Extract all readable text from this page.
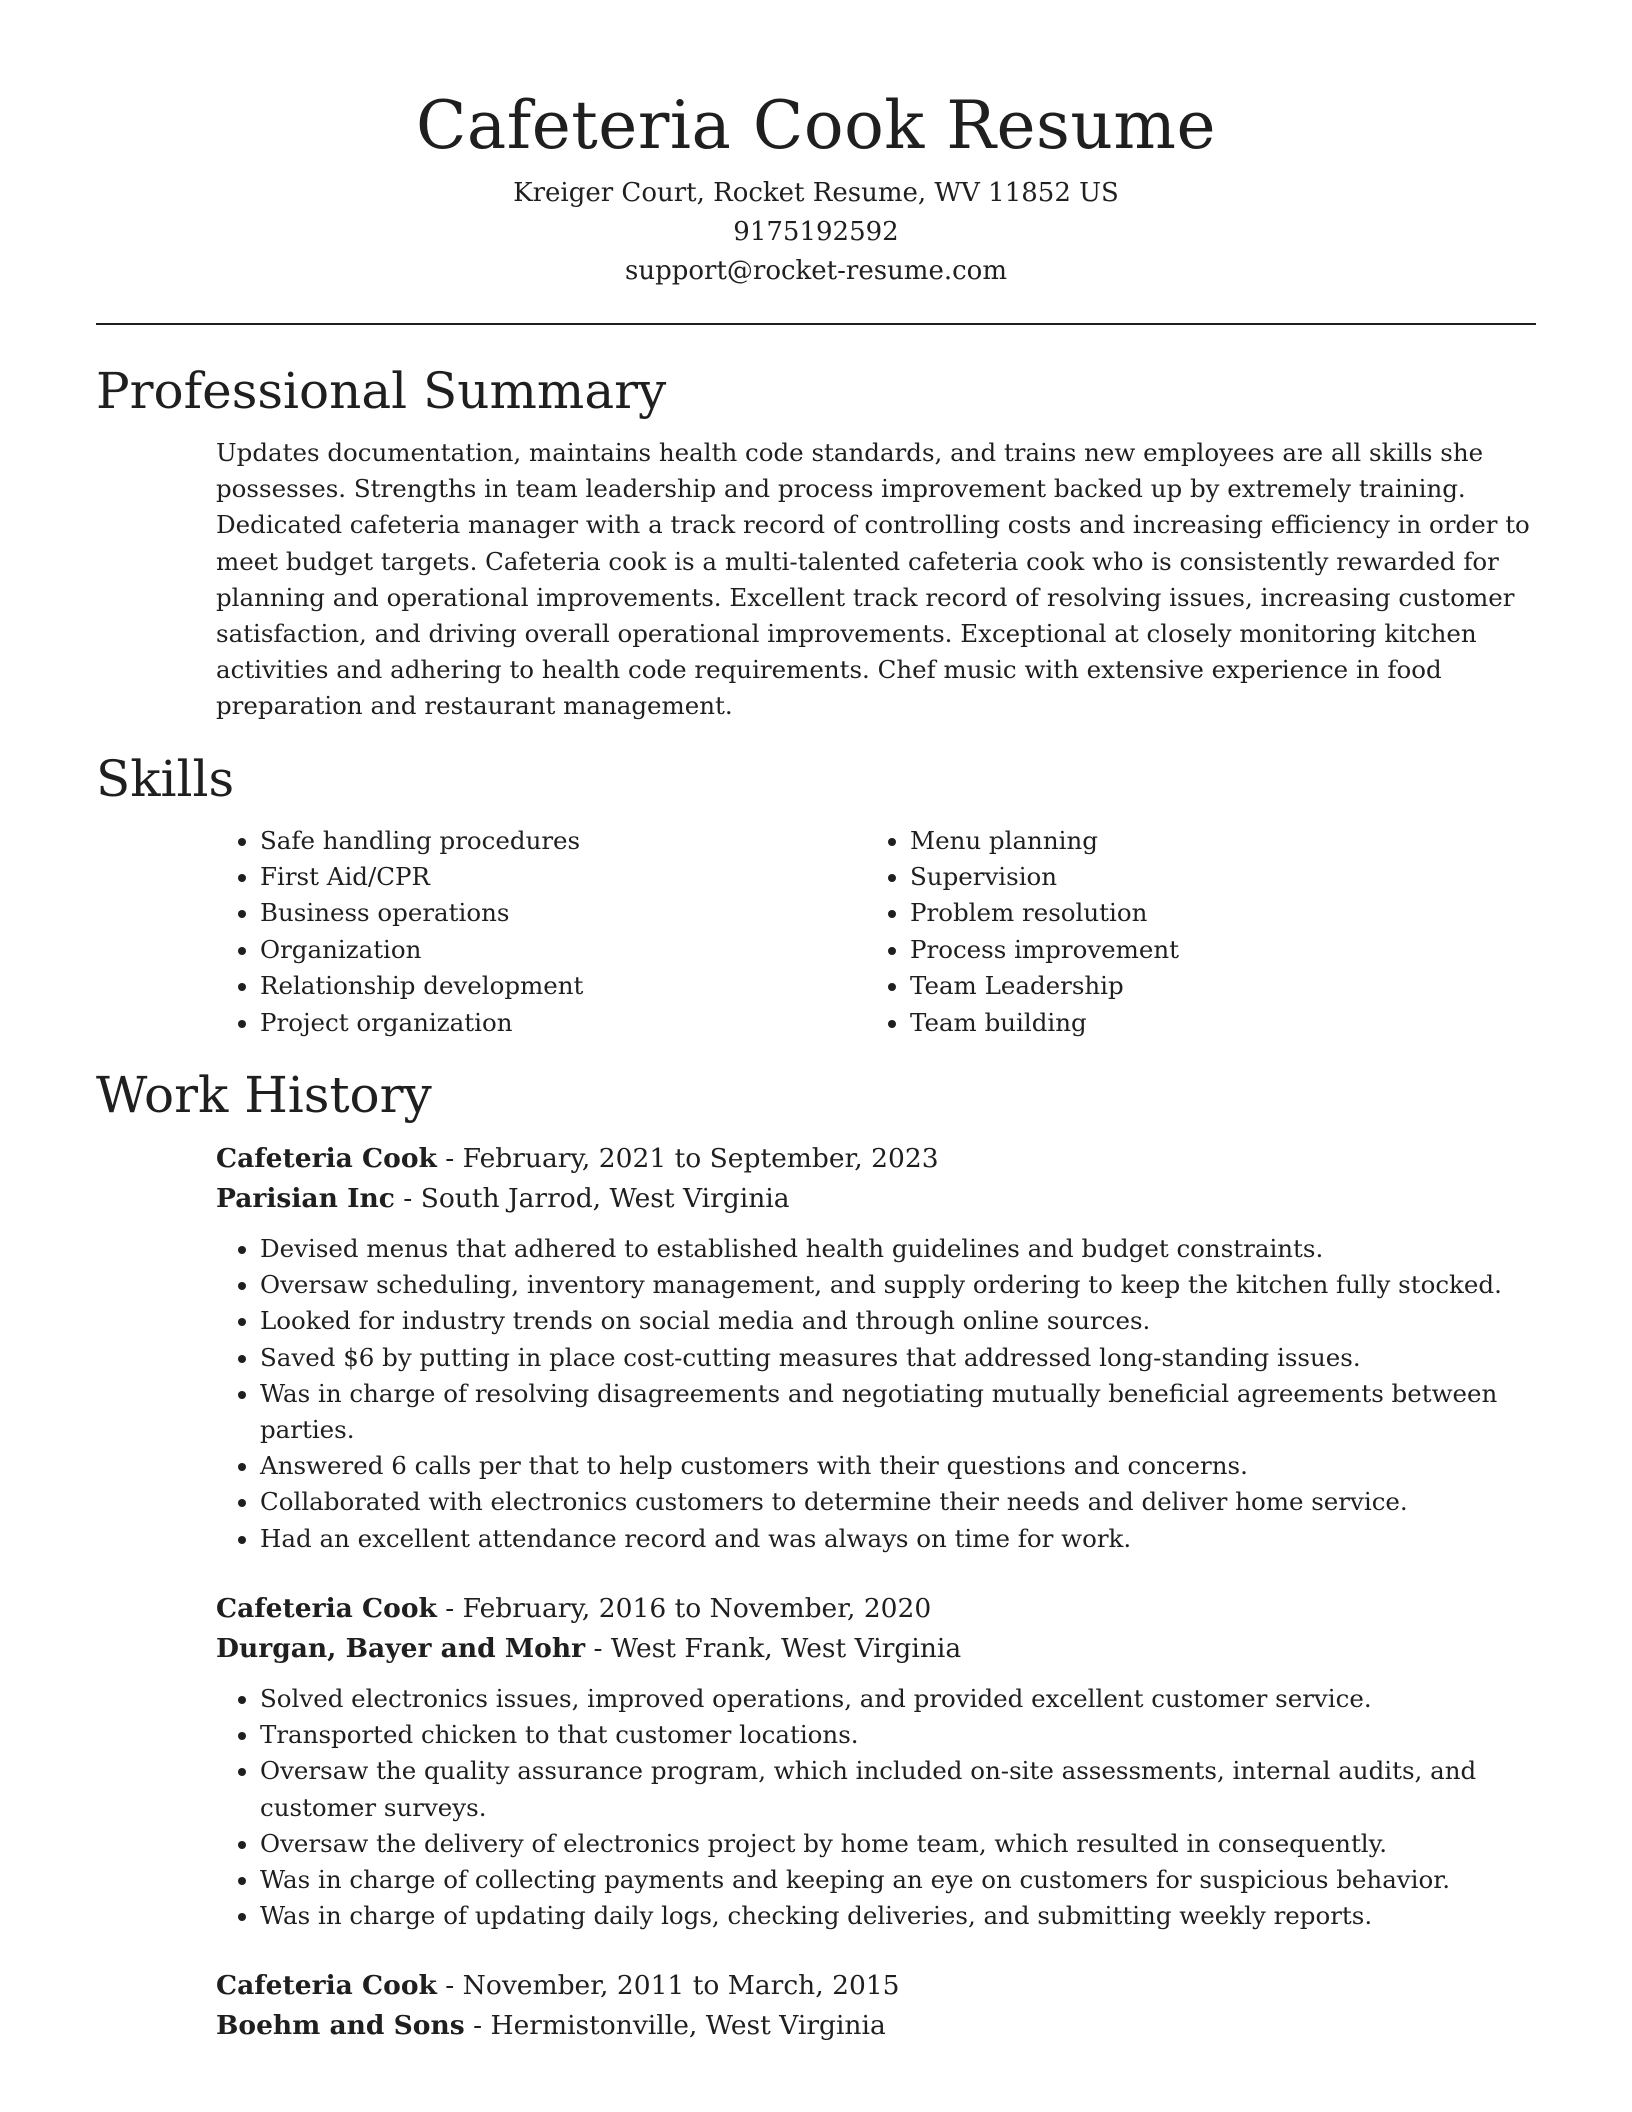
Cafeteria Cook Resume
Kreiger Court, Rocket Resume, WV 11852 US
9175192592
support@rocket-resume.com
Professional Summary

Updates documentation, maintains health code standards, and trains new employees are all skills she possesses. Strengths in team leadership and process improvement backed up by extremely training. Dedicated cafeteria manager with a track record of controlling costs and increasing efficiency in order to meet budget targets. Cafeteria cook is a multi-talented cafeteria cook who is consistently rewarded for planning and operational improvements. Excellent track record of resolving issues, increasing customer satisfaction, and driving overall operational improvements. Exceptional at closely monitoring kitchen activities and adhering to health code requirements. Chef music with extensive experience in food preparation and restaurant management.

Skills
• Safe handling procedures
• First Aid/CPR
• Business operations
• Organization
• Relationship development
• Project organization
• Menu planning
• Supervision
• Problem resolution
• Process improvement
• Team Leadership
• Team building
Work History
Cafeteria Cook - February, 2021 to September, 2023
Parisian Inc - South Jarrod, West Virginia
• Devised menus that adhered to established health guidelines and budget constraints.
• Oversaw scheduling, inventory management, and supply ordering to keep the kitchen fully stocked.
• Looked for industry trends on social media and through online sources.
• Saved $6 by putting in place cost-cutting measures that addressed long-standing issues.
• Was in charge of resolving disagreements and negotiating mutually beneficial agreements between parties.
• Answered 6 calls per that to help customers with their questions and concerns.
• Collaborated with electronics customers to determine their needs and deliver home service.
• Had an excellent attendance record and was always on time for work.
Cafeteria Cook - February, 2016 to November, 2020
Durgan, Bayer and Mohr - West Frank, West Virginia
• Solved electronics issues, improved operations, and provided excellent customer service.
• Transported chicken to that customer locations.
• Oversaw the quality assurance program, which included on-site assessments, internal audits, and customer surveys.
• Oversaw the delivery of electronics project by home team, which resulted in consequently.
• Was in charge of collecting payments and keeping an eye on customers for suspicious behavior.
• Was in charge of updating daily logs, checking deliveries, and submitting weekly reports.
Cafeteria Cook - November, 2011 to March, 2015
Boehm and Sons - Hermistonville, West Virginia
